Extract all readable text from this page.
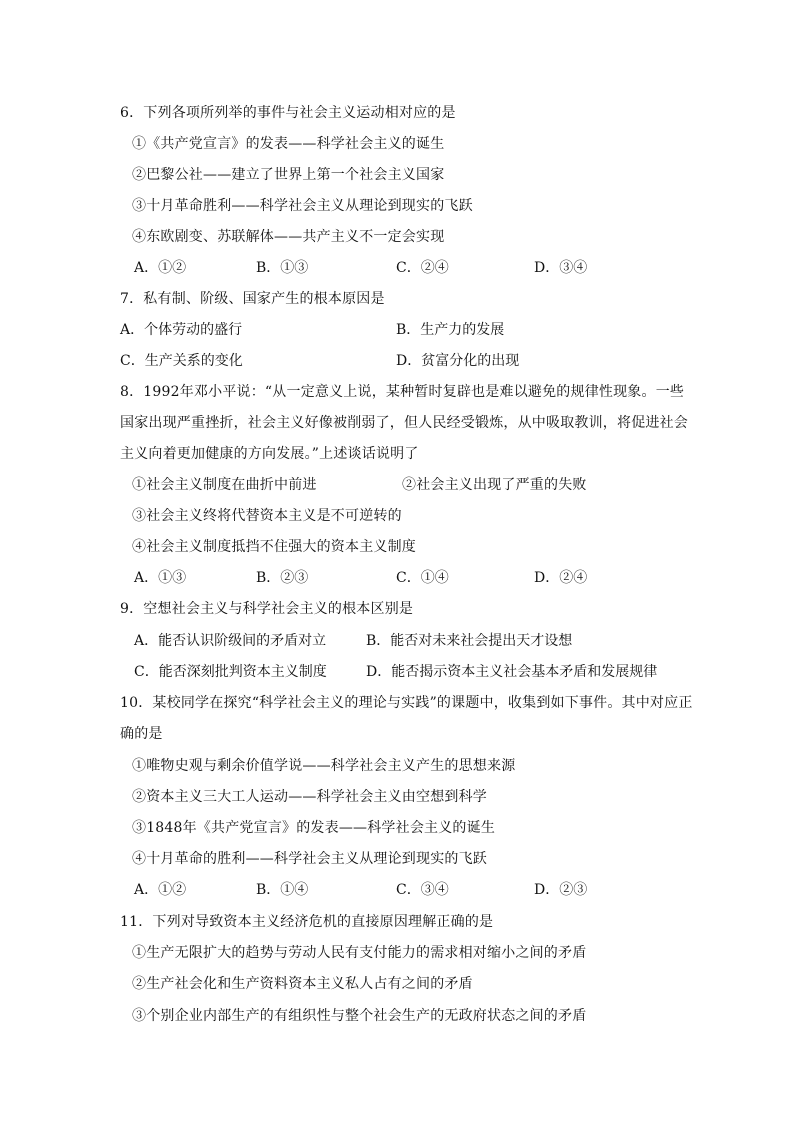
6．下列各项所列举的事件与社会主义运动相对应的是
①《共产党宣言》的发表——科学社会主义的诞生
②巴黎公社——建立了世界上第一个社会主义国家
③十月革命胜利——科学社会主义从理论到现实的飞跃
④东欧剧变、苏联解体——共产主义不一定会实现
A．①②	B．①③	C．②④	D．③④
7．私有制、阶级、国家产生的根本原因是
A．个体劳动的盛行	B．生产力的发展
C．生产关系的变化	D．贫富分化的出现
8．1992年邓小平说：“从一定意义上说，某种暂时复辟也是难以避免的规律性现象。一些
国家出现严重挫折，社会主义好像被削弱了，但人民经受锻炼，从中吸取教训，将促进社会
主义向着更加健康的方向发展。”上述谈话说明了
①社会主义制度在曲折中前进	②社会主义出现了严重的失败
③社会主义终将代替资本主义是不可逆转的
④社会主义制度抵挡不住强大的资本主义制度
A．①③	B．②③	C．①④	D．②④
9．空想社会主义与科学社会主义的根本区别是
A．能否认识阶级间的矛盾对立	B．能否对未来社会提出天才设想
C．能否深刻批判资本主义制度	D．能否揭示资本主义社会基本矛盾和发展规律
10．某校同学在探究“科学社会主义的理论与实践”的课题中，收集到如下事件。其中对应正
确的是
①唯物史观与剩余价值学说——科学社会主义产生的思想来源
②资本主义三大工人运动——科学社会主义由空想到科学
③1848年《共产党宣言》的发表——科学社会主义的诞生
④十月革命的胜利——科学社会主义从理论到现实的飞跃
A．①②	B．①④	C．③④	D．②③
11．下列对导致资本主义经济危机的直接原因理解正确的是
①生产无限扩大的趋势与劳动人民有支付能力的需求相对缩小之间的矛盾
②生产社会化和生产资料资本主义私人占有之间的矛盾
③个别企业内部生产的有组织性与整个社会生产的无政府状态之间的矛盾
